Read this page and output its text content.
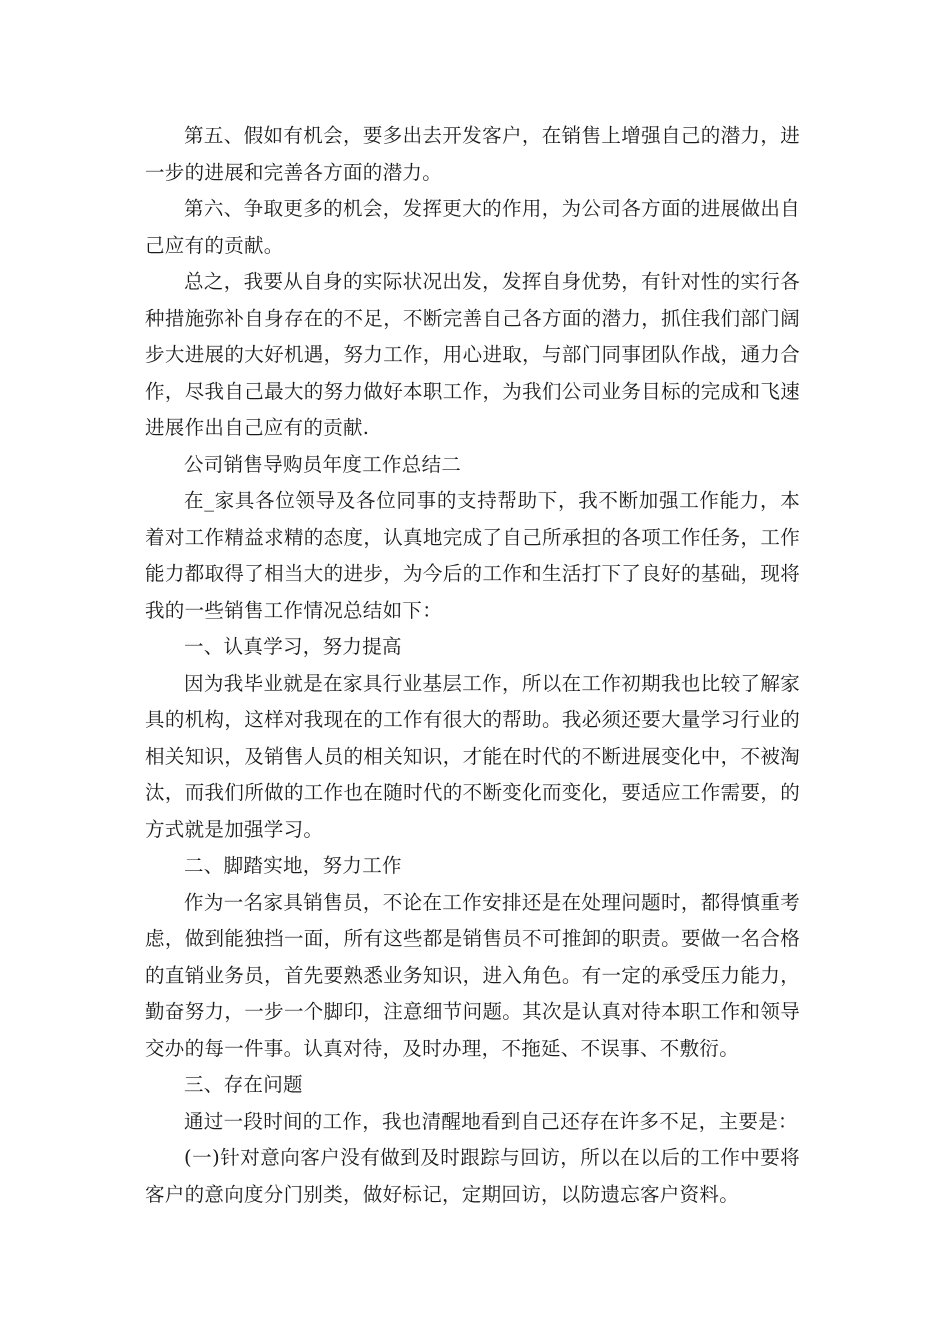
第五、假如有机会，要多出去开发客户，在销售上增强自己的潜力，进一步的进展和完善各方面的潜力。

第六、争取更多的机会，发挥更大的作用，为公司各方面的进展做出自己应有的贡献。

总之，我要从自身的实际状况出发，发挥自身优势，有针对性的实行各种措施弥补自身存在的不足，不断完善自己各方面的潜力，抓住我们部门阔步大进展的大好机遇，努力工作，用心进取，与部门同事团队作战，通力合作，尽我自己最大的努力做好本职工作，为我们公司业务目标的完成和飞速进展作出自己应有的贡献.

公司销售导购员年度工作总结二

在_家具各位领导及各位同事的支持帮助下，我不断加强工作能力，本着对工作精益求精的态度，认真地完成了自己所承担的各项工作任务，工作能力都取得了相当大的进步，为今后的工作和生活打下了良好的基础，现将我的一些销售工作情况总结如下：

一、认真学习，努力提高

因为我毕业就是在家具行业基层工作，所以在工作初期我也比较了解家具的机构，这样对我现在的工作有很大的帮助。我必须还要大量学习行业的相关知识，及销售人员的相关知识，才能在时代的不断进展变化中，不被淘汰，而我们所做的工作也在随时代的不断变化而变化，要适应工作需要，的方式就是加强学习。

二、脚踏实地，努力工作

作为一名家具销售员，不论在工作安排还是在处理问题时，都得慎重考虑，做到能独挡一面，所有这些都是销售员不可推卸的职责。要做一名合格的直销业务员，首先要熟悉业务知识，进入角色。有一定的承受压力能力，勤奋努力，一步一个脚印，注意细节问题。其次是认真对待本职工作和领导交办的每一件事。认真对待，及时办理，不拖延、不误事、不敷衍。

三、存在问题

通过一段时间的工作，我也清醒地看到自己还存在许多不足，主要是：

(一)针对意向客户没有做到及时跟踪与回访，所以在以后的工作中要将客户的意向度分门别类，做好标记，定期回访，以防遗忘客户资料。
